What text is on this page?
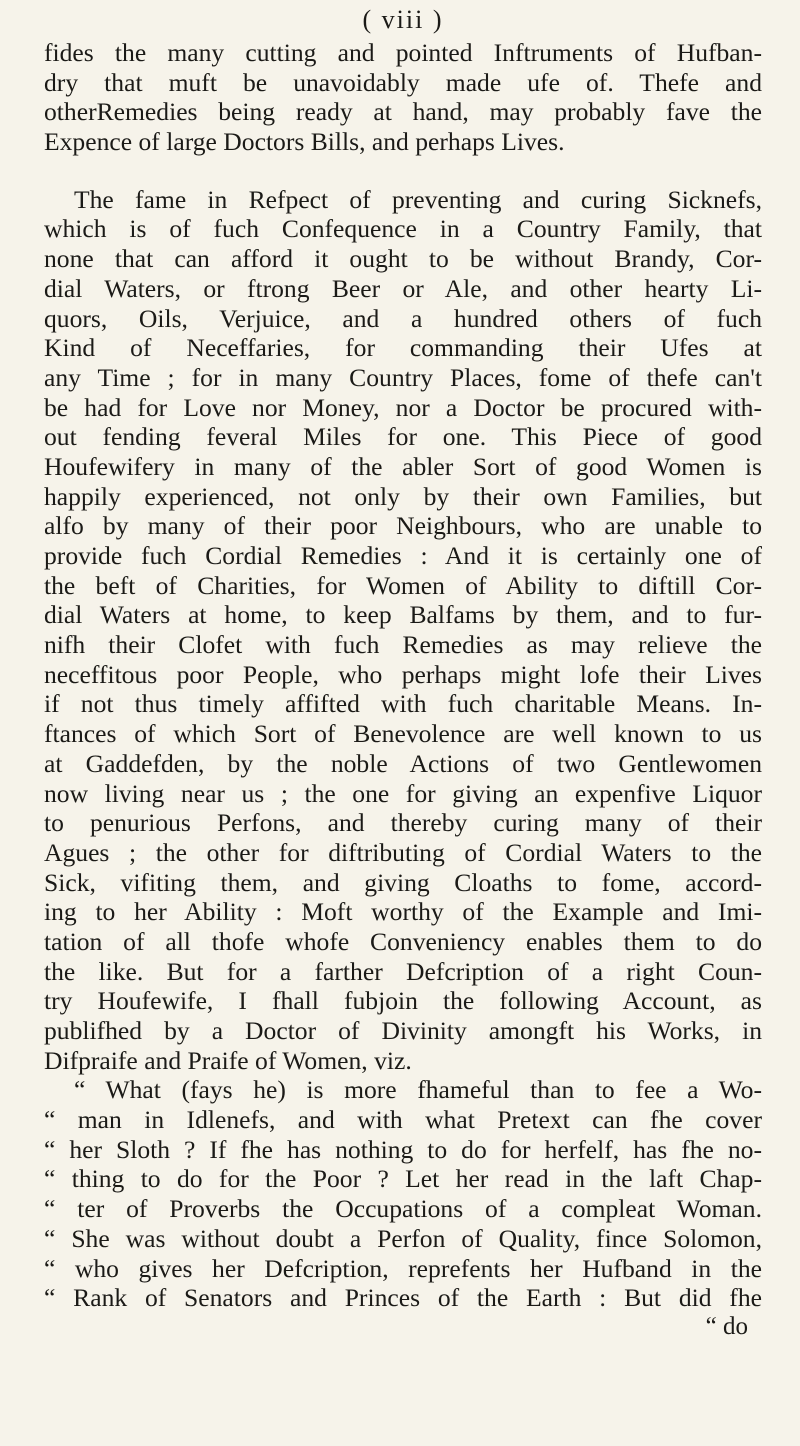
( viii )
fides the many cutting and pointed Inftruments of Hufban-
dry that muft be unavoidably made ufe of. Thefe and
otherRemedies being ready at hand, may probably fave the
Expence of large Doctors Bills, and perhaps Lives.
The fame in Refpect of preventing and curing Sicknefs,
which is of fuch Confequence in a Country Family, that
none that can afford it ought to be without Brandy, Cor-
dial Waters, or ftrong Beer or Ale, and other hearty Li-
quors, Oils, Verjuice, and a hundred others of fuch
Kind of Neceffaries, for commanding their Ufes at
any Time ; for in many Country Places, fome of thefe can't
be had for Love nor Money, nor a Doctor be procured with-
out fending feveral Miles for one. This Piece of good
Houfewifery in many of the abler Sort of good Women is
happily experienced, not only by their own Families, but
alfo by many of their poor Neighbours, who are unable to
provide fuch Cordial Remedies : And it is certainly one of
the beft of Charities, for Women of Ability to diftill Cor-
dial Waters at home, to keep Balfams by them, and to fur-
nifh their Clofet with fuch Remedies as may relieve the
neceffitous poor People, who perhaps might lofe their Lives
if not thus timely affifted with fuch charitable Means. In-
ftances of which Sort of Benevolence are well known to us
at Gaddefden, by the noble Actions of two Gentlewomen
now living near us ; the one for giving an expenfive Liquor
to penurious Perfons, and thereby curing many of their
Agues ; the other for diftributing of Cordial Waters to the
Sick, vifiting them, and giving Cloaths to fome, accord-
ing to her Ability : Moft worthy of the Example and Imi-
tation of all thofe whofe Conveniency enables them to do
the like. But for a farther Defcription of a right Coun-
try Houfewife, I fhall fubjoin the following Account, as
publifhed by a Doctor of Divinity amongft his Works, in
Difpraife and Praife of Women, viz.
“ What (fays he) is more fhameful than to fee a Wo-
“ man in Idlenefs, and with what Pretext can fhe cover
“ her Sloth ? If fhe has nothing to do for herfelf, has fhe no-
“ thing to do for the Poor ? Let her read in the laft Chap-
“ ter of Proverbs the Occupations of a compleat Woman.
“ She was without doubt a Perfon of Quality, fince Solomon,
“ who gives her Defcription, reprefents her Hufband in the
“ Rank of Senators and Princes of the Earth : But did fhe
“ do
